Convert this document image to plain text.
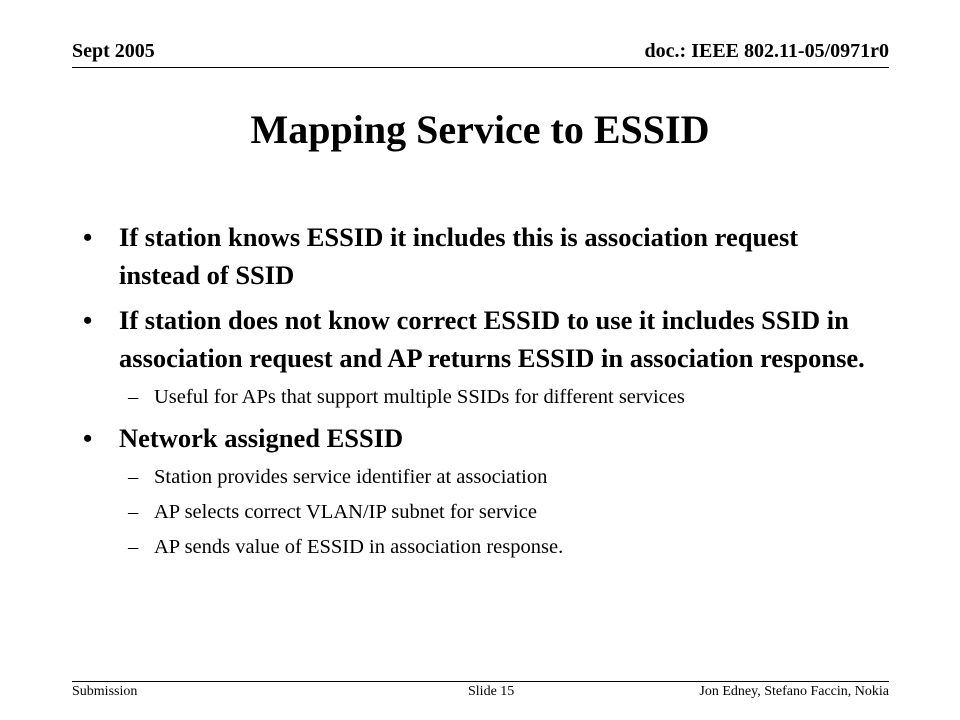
Sept 2005	doc.: IEEE 802.11-05/0971r0
Mapping Service to ESSID
• If station knows ESSID it includes this is association request instead of SSID
• If station does not know correct ESSID to use it includes SSID in association request and AP returns ESSID in association response.
– Useful for APs that support multiple SSIDs for different services
• Network assigned ESSID
– Station provides service identifier at association
– AP selects correct VLAN/IP subnet for service
– AP sends value of ESSID in association response.
Submission	Slide 15	Jon Edney, Stefano Faccin, Nokia
